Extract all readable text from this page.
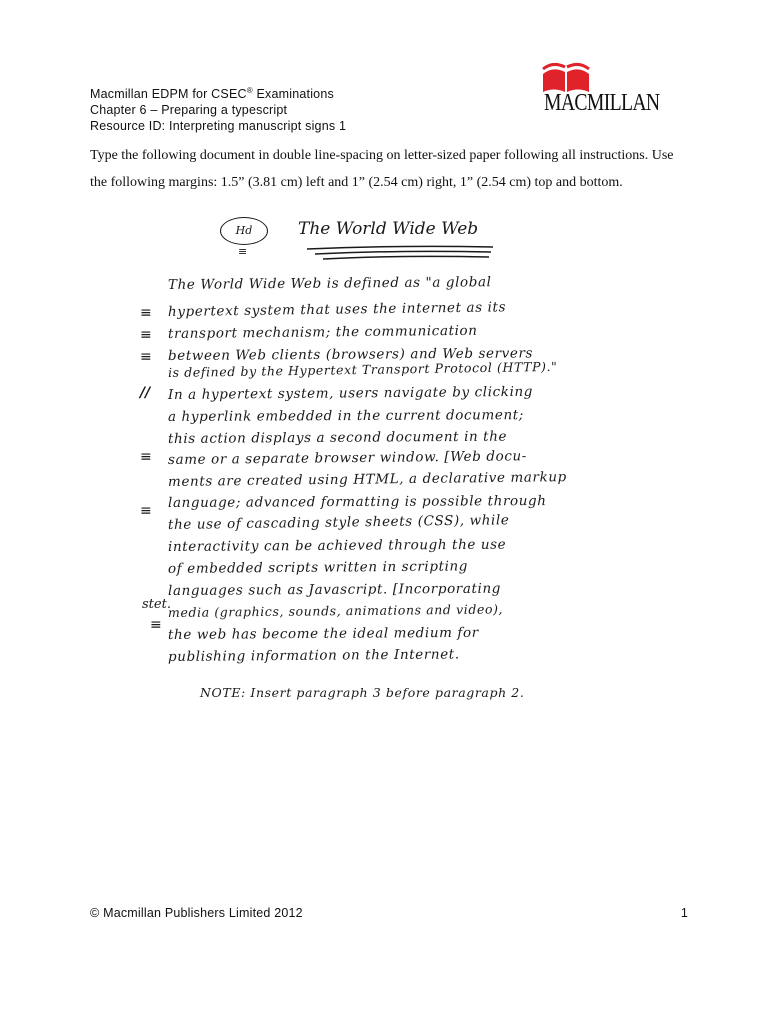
Macmillan EDPM for CSEC® Examinations
Chapter 6 – Preparing a typescript
Resource ID: Interpreting manuscript signs 1
MACMILLAN
Type the following document in double line-spacing on letter-sized paper following all instructions. Use the following margins: 1.5” (3.81 cm) left and 1” (2.54 cm) right, 1” (2.54 cm) top and bottom.
Hd
≡
The World Wide Web
≡
≡
≡
//
≡
≡
stet.
≡
The World Wide Web is defined as "a global
hypertext system that uses the internet as its
transport mechanism; the communication
between Web clients (browsers) and Web servers
is defined by the Hypertext Transport Protocol (HTTP)."
In a hypertext system, users navigate by clicking
a hyperlink embedded in the current document;
this action displays a second document in the
same or a separate browser window. [Web docu-
ments are created using HTML, a declarative markup
language; advanced formatting is possible through
the use of cascading style sheets (CSS), while
interactivity can be achieved through the use
of embedded scripts written in scripting
languages such as Javascript. [Incorporating
media (graphics, sounds, animations and video),
the web has become the ideal medium for
publishing information on the Internet.
NOTE: Insert paragraph 3 before paragraph 2.
© Macmillan Publishers Limited 2012	1
